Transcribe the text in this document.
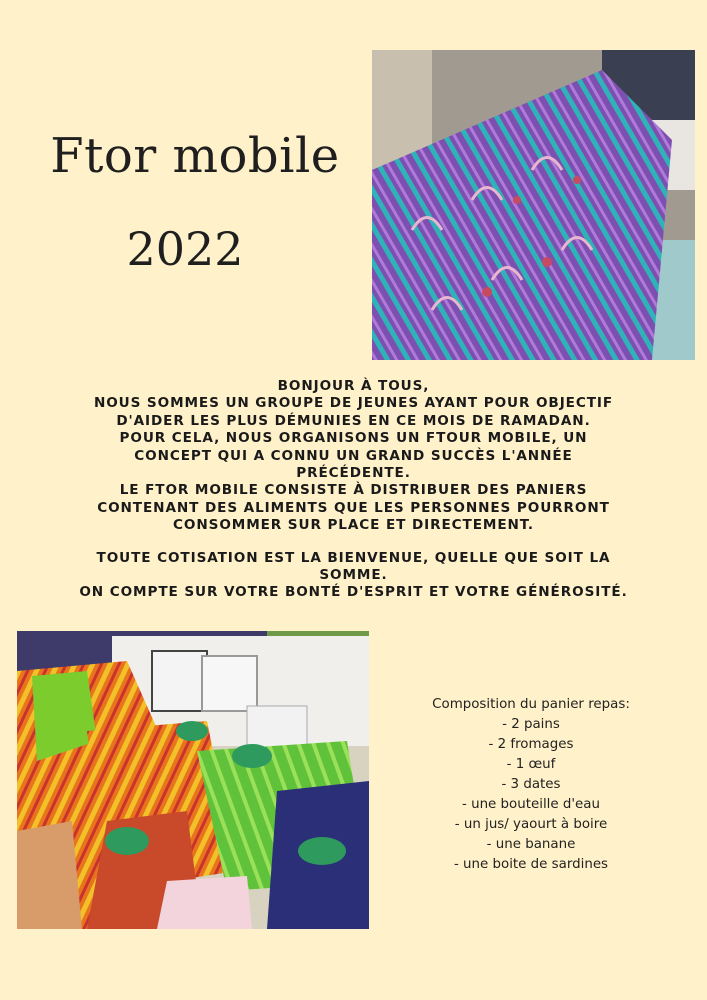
Ftor mobile
2022

BONJOUR À TOUS,

NOUS SOMMES UN GROUPE DE JEUNES AYANT POUR OBJECTIF

D'AIDER LES PLUS DÉMUNIES EN CE MOIS DE RAMADAN.

POUR CELA, NOUS ORGANISONS UN FTOUR MOBILE, UN

CONCEPT QUI A CONNU UN GRAND SUCCÈS L'ANNÉE

PRÉCÉDENTE.

LE FTOR MOBILE CONSISTE À DISTRIBUER DES PANIERS

CONTENANT DES ALIMENTS QUE LES PERSONNES POURRONT

CONSOMMER SUR PLACE ET DIRECTEMENT.

TOUTE COTISATION EST LA BIENVENUE, QUELLE QUE SOIT LA

SOMME.

ON COMPTE SUR VOTRE BONTÉ D'ESPRIT ET VOTRE GÉNÉROSITÉ.

Composition du panier repas:
- 2 pains
- 2 fromages
- 1 œuf
- 3 dates
- une bouteille d'eau
- un jus/ yaourt à boire
- une banane
- une boite de sardines
